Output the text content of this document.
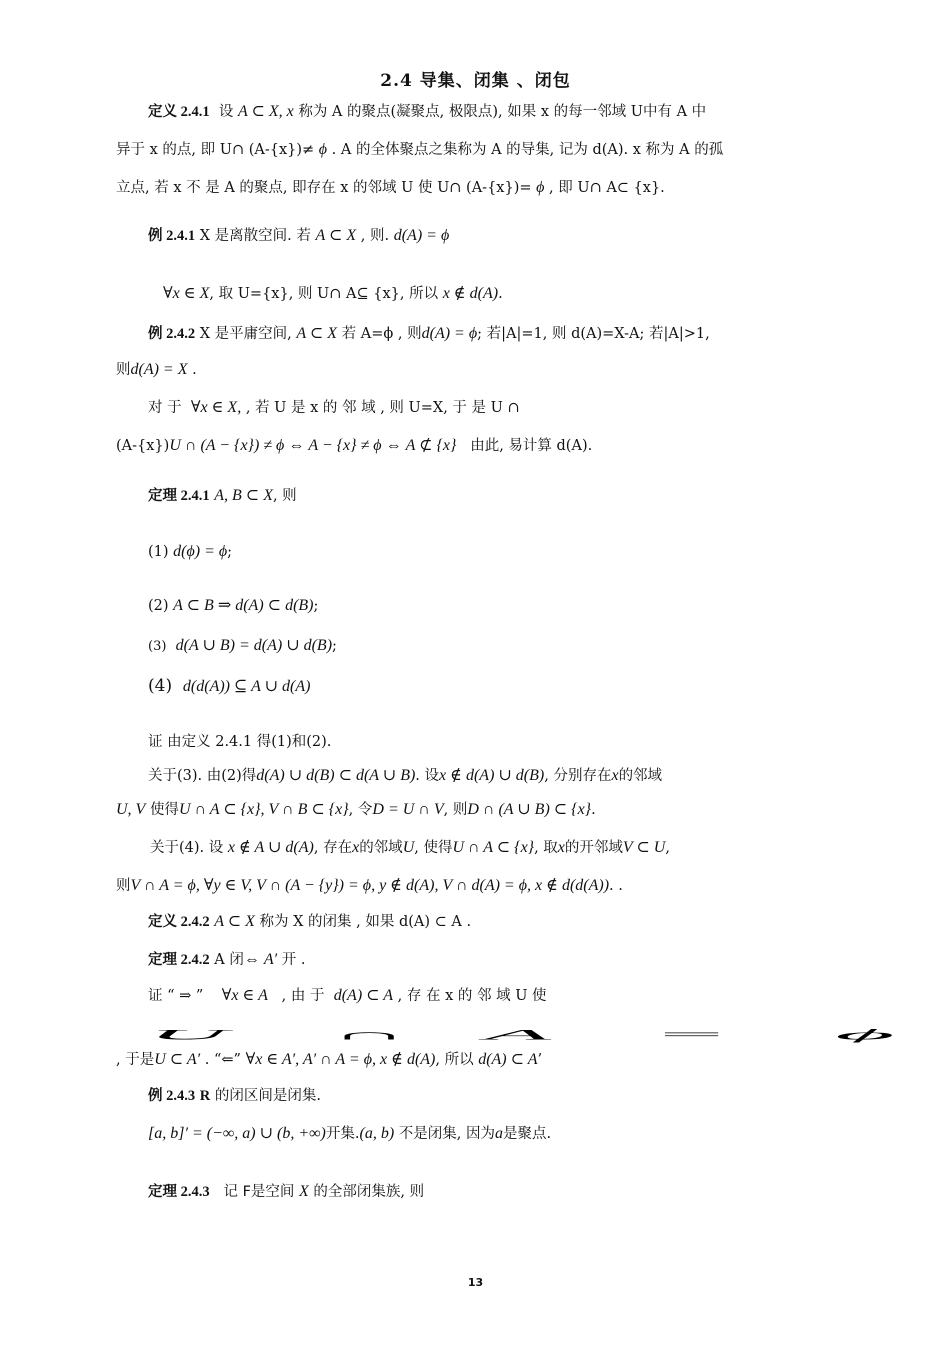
2.4 导集、闭集 、闭包
定义 2.4.1 设 A ⊂ X, x 称为 A 的聚点(凝聚点, 极限点), 如果 x 的每一邻域 U中有 A 中
异于 x 的点, 即 U∩ (A-{x})≠ ϕ . A 的全体聚点之集称为 A 的导集, 记为 d(A). x 称为 A 的孤
立点, 若 x 不 是 A 的聚点, 即存在 x 的邻域 U 使 U∩ (A-{x})= ϕ , 即 U∩ A⊂ {x}.
例 2.4.1 X 是离散空间. 若 A ⊂ X , 则. d(A) = ϕ
∀x ∈ X, 取 U={x}, 则 U∩ A⊆ {x}, 所以 x ∉ d(A).
例 2.4.2 X 是平庸空间, A ⊂ X 若 A=ϕ , 则d(A) = ϕ; 若|A|=1, 则 d(A)=X-A; 若|A|>1,
则d(A) = X .
对 于 ∀x ∈ X, , 若 U 是 x 的 邻 域 , 则 U=X, 于 是 U ∩
(A-{x})U ∩ (A − {x}) ≠ ϕ ⇔ A − {x} ≠ ϕ ⇔ A ⊄ {x} 由此, 易计算 d(A).
定理 2.4.1 A, B ⊂ X, 则
(1) d(ϕ) = ϕ;
(2) A ⊂ B ⇒ d(A) ⊂ d(B);
(3) d(A ∪ B) = d(A) ∪ d(B);
(4) d(d(A)) ⊆ A ∪ d(A)
证 由定义 2.4.1 得(1)和(2).
关于(3). 由(2)得d(A) ∪ d(B) ⊂ d(A ∪ B). 设x ∉ d(A) ∪ d(B), 分别存在x的邻域
U, V 使得U ∩ A ⊂ {x}, V ∩ B ⊂ {x}, 令D = U ∩ V, 则D ∩ (A ∪ B) ⊂ {x}.
关于(4). 设 x ∉ A ∪ d(A), 存在x的邻域U, 使得U ∩ A ⊂ {x}, 取x的开邻域V ⊂ U,
则V ∩ A = ϕ, ∀y ∈ V, V ∩ (A − {y}) = ϕ, y ∉ d(A), V ∩ d(A) = ϕ, x ∉ d(d(A)). .
定义 2.4.2 A ⊂ X 称为 X 的闭集 , 如果 d(A) ⊂ A .
定理 2.4.2 A 闭⇔ A′ 开 .
证 “ ⇒ ” ∀x ∈ A , 由 于 d(A) ⊂ A , 存 在 x 的 邻 域 U 使
U	∩	A	=	ϕ
, 于是U ⊂ A′ . “⇐” ∀x ∈ A′, A′ ∩ A = ϕ, x ∉ d(A), 所以 d(A) ⊂ A’
例 2.4.3 R 的闭区间是闭集.
[a, b]′ = (−∞, a) ∪ (b, +∞)开集.(a, b) 不是闭集, 因为a是聚点.
定理 2.4.3 记 F是空间 X 的全部闭集族, 则
13
